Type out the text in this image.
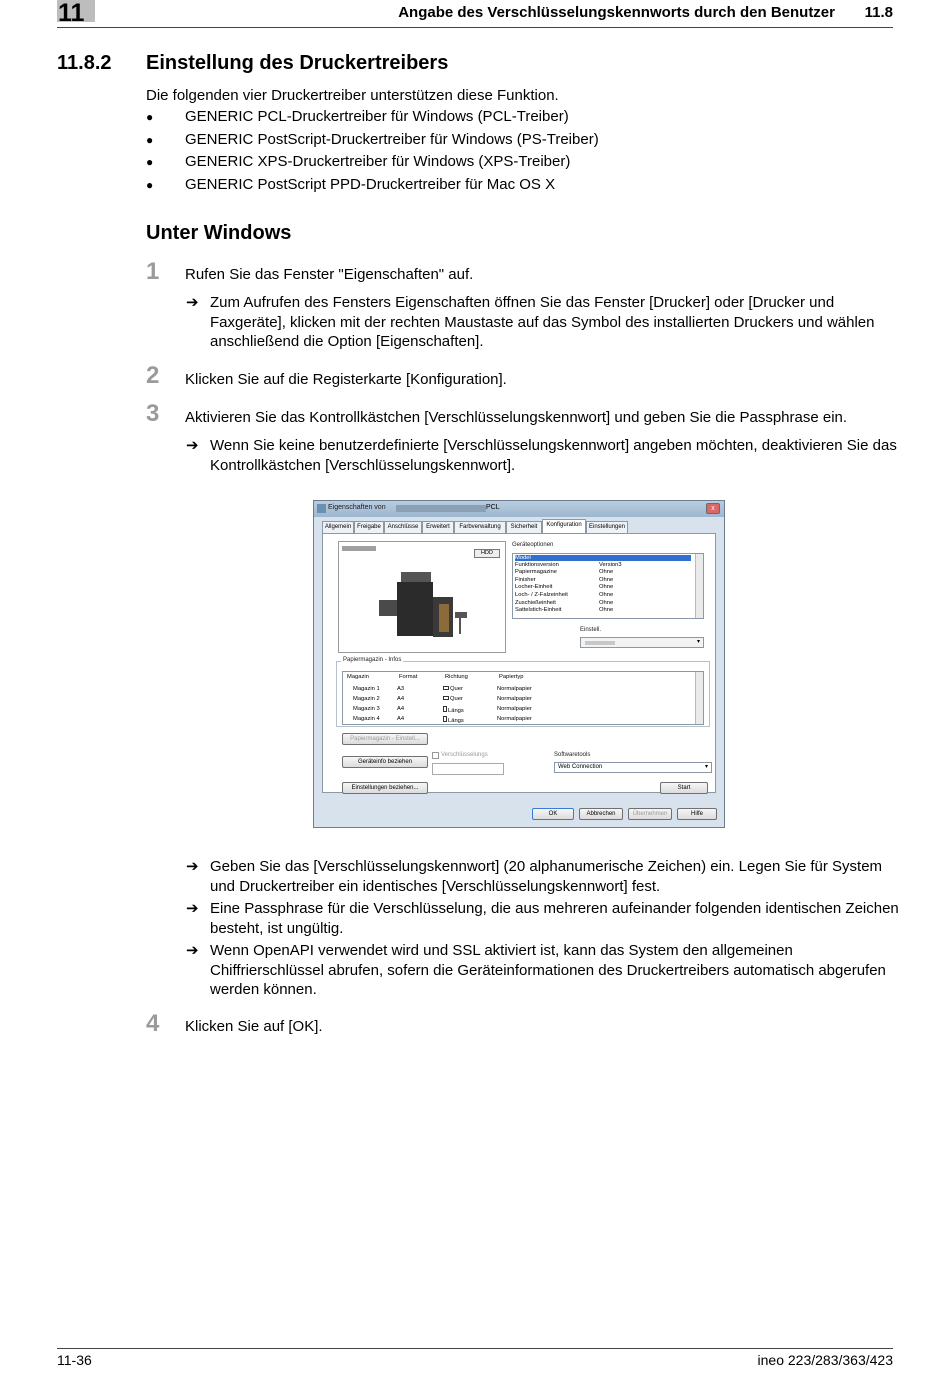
11	Angabe des Verschlüsselungskennworts durch den Benutzer 11.8
11.8.2 Einstellung des Druckertreibers
Die folgenden vier Druckertreiber unterstützen diese Funktion.
● GENERIC PCL-Druckertreiber für Windows (PCL-Treiber)
● GENERIC PostScript-Druckertreiber für Windows (PS-Treiber)
● GENERIC XPS-Druckertreiber für Windows (XPS-Treiber)
● GENERIC PostScript PPD-Druckertreiber für Mac OS X
Unter Windows
1 Rufen Sie das Fenster "Eigenschaften" auf.
➔ Zum Aufrufen des Fensters Eigenschaften öffnen Sie das Fenster [Drucker] oder [Drucker und Faxgeräte], klicken mit der rechten Maustaste auf das Symbol des installierten Druckers und wählen anschließend die Option [Eigenschaften].
2 Klicken Sie auf die Registerkarte [Konfiguration].
3 Aktivieren Sie das Kontrollkästchen [Verschlüsselungskennwort] und geben Sie die Passphrase ein.
➔ Wenn Sie keine benutzerdefinierte [Verschlüsselungskennwort] angeben möchten, deaktivieren Sie das Kontrollkästchen [Verschlüsselungskennwort].
Eigenschaften von	PCL	x
Allgemein Freigabe	Anschlüsse	Erweitert	Farbverwaltung	Sicherheit	Konfiguration	Einstellungen
HDD
Geräteoptionen
Model
Funktionsversion	Version3
Papiermagazine	Ohne
Finisher	Ohne
Locher-Einheit	Ohne
Loch- / Z-Falzeinheit	Ohne
Zuschießeinheit	Ohne
Sattelstich-Einheit	Ohne
Einstell.
▾
Papiermagazin - Infos
Magazin	Format	Richtung	Papiertyp
Magazin 1	A3	Quer	Normalpapier
Magazin 2	A4	Quer	Normalpapier
Magazin 3	A4	Längs	Normalpapier
Magazin 4	A4	Längs	Normalpapier
Papiermagazin - Einstell...
Verschlüsselungs
Geräteinfo beziehen
Einstellungen beziehen...
Softwaretools
Web Connection	▾
Start
OK	Abbrechen	Übernehmen	Hilfe
➔ Geben Sie das [Verschlüsselungskennwort] (20 alphanumerische Zeichen) ein. Legen Sie für System und Druckertreiber ein identisches [Verschlüsselungskennwort] fest.
➔ Eine Passphrase für die Verschlüsselung, die aus mehreren aufeinander folgenden identischen Zeichen besteht, ist ungültig.
➔ Wenn OpenAPI verwendet wird und SSL aktiviert ist, kann das System den allgemeinen Chiffrierschlüssel abrufen, sofern die Geräteinformationen des Druckertreibers automatisch abgerufen werden können.
4 Klicken Sie auf [OK].
11-36	ineo 223/283/363/423
